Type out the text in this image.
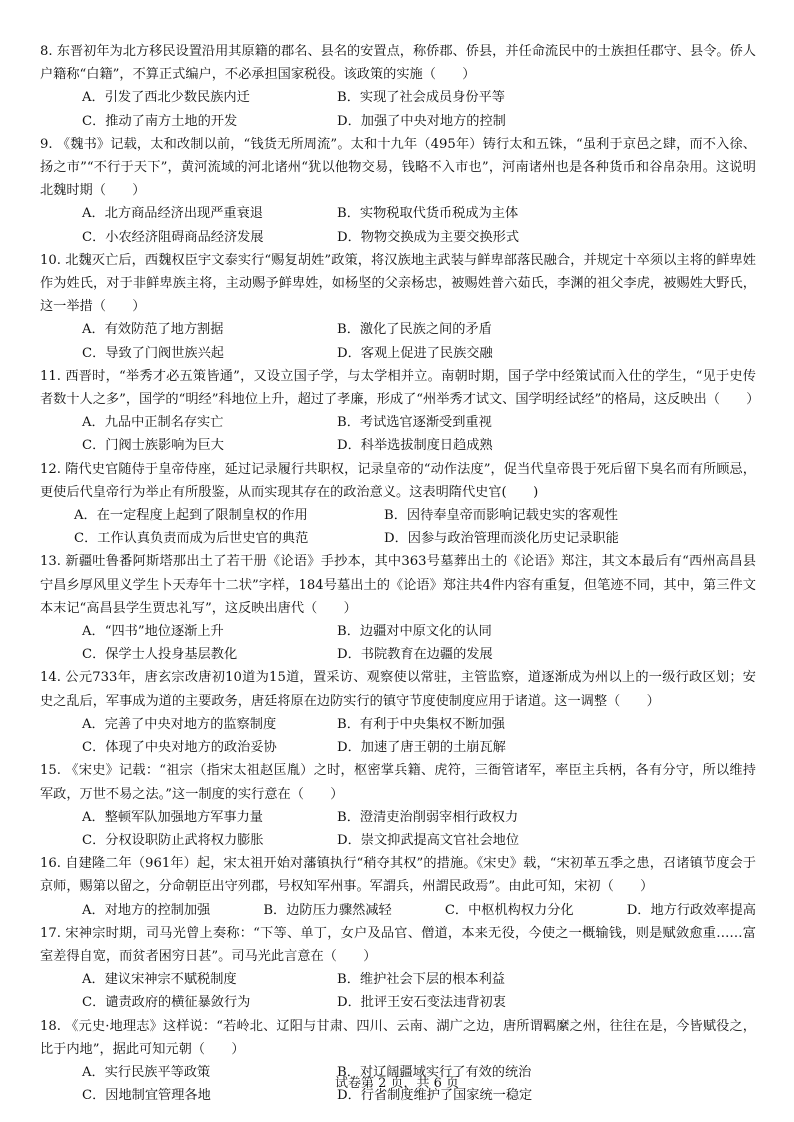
8. 东晋初年为北方移民设置沿用其原籍的郡名、县名的安置点，称侨郡、侨县，并任命流民中的士族担任郡守、县令。侨人户籍称“白籍”，不算正式编户，不必承担国家税役。该政策的实施（　　）

A．引发了西北少数民族内迁	B．实现了社会成员身份平等
C．推动了南方土地的开发	D．加强了中央对地方的控制

9. 《魏书》记载，太和改制以前，“钱货无所周流”。太和十九年（495年）铸行太和五铢，“虽利于京邑之肆，而不入徐、扬之市”“不行于天下”，黄河流域的河北诸州“犹以他物交易，钱略不入市也”，河南诸州也是各种货币和谷帛杂用。这说明北魏时期（　　）

A．北方商品经济出现严重衰退	B．实物税取代货币税成为主体
C．小农经济阻碍商品经济发展	D．物物交换成为主要交换形式

10. 北魏灭亡后，西魏权臣宇文泰实行“赐复胡姓”政策，将汉族地主武装与鲜卑部落民融合，并规定十卒须以主将的鲜卑姓作为姓氏，对于非鲜卑族主将，主动赐予鲜卑姓，如杨坚的父亲杨忠，被赐姓普六茹氏，李渊的祖父李虎，被赐姓大野氏，这一举措（　　）

A．有效防范了地方割据	B．激化了民族之间的矛盾
C．导致了门阀世族兴起	D．客观上促进了民族交融

11. 西晋时，“举秀才必五策皆通”，又设立国子学，与太学相并立。南朝时期，国子学中经策试而入仕的学生，“见于史传者数十人之多”，国学的“明经”科地位上升，超过了孝廉，形成了“州举秀才试文、国学明经试经”的格局，这反映出（　　）

A．九品中正制名存实亡	B．考试选官逐渐受到重视
C．门阀士族影响为巨大	D．科举选拔制度日趋成熟

12. 隋代史官随侍于皇帝侍座，延过记录履行共职权，记录皇帝的“动作法度”，促当代皇帝畏于死后留下臭名而有所顾忌，更使后代皇帝行为举止有所殷鉴，从而实现其存在的政治意义。这表明隋代史官(　　)

A．在一定程度上起到了限制皇权的作用	B．因待奉皇帝而影响记载史实的客观性
C．工作认真负责而成为后世史官的典范	D．因参与政治管理而淡化历史记录职能

13. 新疆吐鲁番阿斯塔那出土了若干册《论语》手抄本，其中363号墓葬出土的《论语》郑注，其文本最后有“西州高昌县宁昌乡厚风里义学生卜天寿年十二状”字样，184号墓出土的《论语》郑注共4件内容有重复，但笔迹不同，其中，第三件文本末记“高昌县学生贾忠礼写”，这反映出唐代（　　）

A．“四书”地位逐渐上升	B．边疆对中原文化的认同
C．保学士人投身基层教化	D．书院教育在边疆的发展

14. 公元733年，唐玄宗改唐初10道为15道，置采访、观察使以常驻，主管监察，道逐渐成为州以上的一级行政区划；安史之乱后，军事成为道的主要政务，唐廷将原在边防实行的镇守节度使制度应用于诸道。这一调整（　　）

A．完善了中央对地方的监察制度	B．有利于中央集权不断加强
C．体现了中央对地方的政治妥协	D．加速了唐王朝的土崩瓦解

15. 《宋史》记载：“祖宗（指宋太祖赵匡胤）之时，枢密掌兵籍、虎符，三衙管诸军，率臣主兵柄，各有分守，所以维持军政，万世不易之法。”这一制度的实行意在（　　）

A．整顿军队加强地方军事力量	B．澄清吏治削弱宰相行政权力
C．分权设职防止武将权力膨胀	D．崇文抑武提高文官社会地位

16. 自建隆二年（961年）起，宋太祖开始对藩镇执行“稍夺其权”的措施。《宋史》载，“宋初革五季之患，召诸镇节度会于京师，赐第以留之，分命朝臣出守列郡，号权知军州事。军謂兵，州謂民政焉”。由此可知，宋初（　　）

A．对地方的控制加强	B．边防压力骤然减轻	C．中枢机构权力分化	D．地方行政效率提高

17. 宋神宗时期，司马光曾上奏称：“下等、单丁，女户及品官、僧道，本来无役，今使之一概输钱，则是赋敛愈重……富室差得自宽，而贫者困穷日甚”。司马光此言意在（　　）

A．建议宋神宗不赋税制度	B．维护社会下层的根本利益
C．谴责政府的横征暴敛行为	D．批评王安石变法违背初衷

18. 《元史·地理志》这样说：“若岭北、辽阳与甘肃、四川、云南、湖广之边，唐所谓羁縻之州，往往在是，今皆赋役之，比于内地”，据此可知元朝（　　）

A．实行民族平等政策	B．对辽阔疆域实行了有效的统治
C．因地制宜管理各地	D．行省制度维护了国家统一稳定
试卷第 2 页，共 6 页
